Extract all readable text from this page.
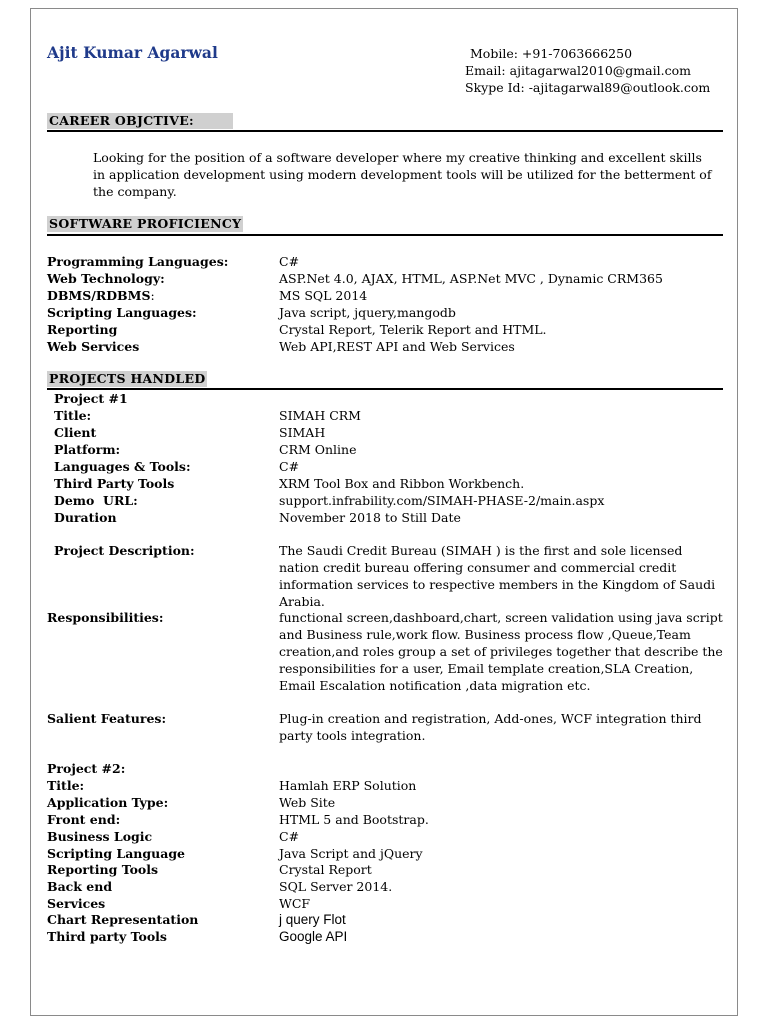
Ajit Kumar Agarwal	Mobile: +91-7063666250
Email: ajitagarwal2010@gmail.com
Skype Id: -ajitagarwal89@outlook.com
CAREER OBJCTIVE:
Looking for the position of a software developer where my creative thinking and excellent skills in application development using modern development tools will be utilized for the betterment of the company.
SOFTWARE PROFICIENCY
Programming Languages:	C#
Web Technology:	ASP.Net 4.0, AJAX, HTML, ASP.Net MVC , Dynamic CRM365
DBMS/RDBMS:	MS SQL 2014
Scripting Languages:	Java script, jquery,mangodb
Reporting	Crystal Report, Telerik Report and HTML.
Web Services	Web API,REST API and Web Services
PROJECTS HANDLED
Project #1
Title:	SIMAH CRM
Client	SIMAH
Platform:	CRM Online
Languages & Tools:	C#
Third Party Tools	XRM Tool Box and Ribbon Workbench.
Demo  URL:	support.infrability.com/SIMAH-PHASE-2/main.aspx
Duration	November 2018 to Still Date
Project Description:	The Saudi Credit Bureau (SIMAH ) is the first and sole licensed nation credit bureau offering consumer and commercial credit information services to respective members in the Kingdom of Saudi Arabia.
Responsibilities:	functional screen,dashboard,chart, screen validation using java script and Business rule,work flow. Business process flow ,Queue,Team creation,and roles group a set of privileges together that describe the responsibilities for a user, Email template creation,SLA Creation, Email Escalation notification ,data migration etc.
Salient Features:	Plug-in creation and registration, Add-ones, WCF integration third party tools integration.
Project #2:
Title:	Hamlah ERP Solution
Application Type:	Web Site
Front end:	HTML 5 and Bootstrap.
Business Logic	C#
Scripting Language	Java Script and jQuery
Reporting Tools	Crystal Report
Back end	SQL Server 2014.
Services	WCF
Chart Representation	j query Flot
Third party Tools	Google API
